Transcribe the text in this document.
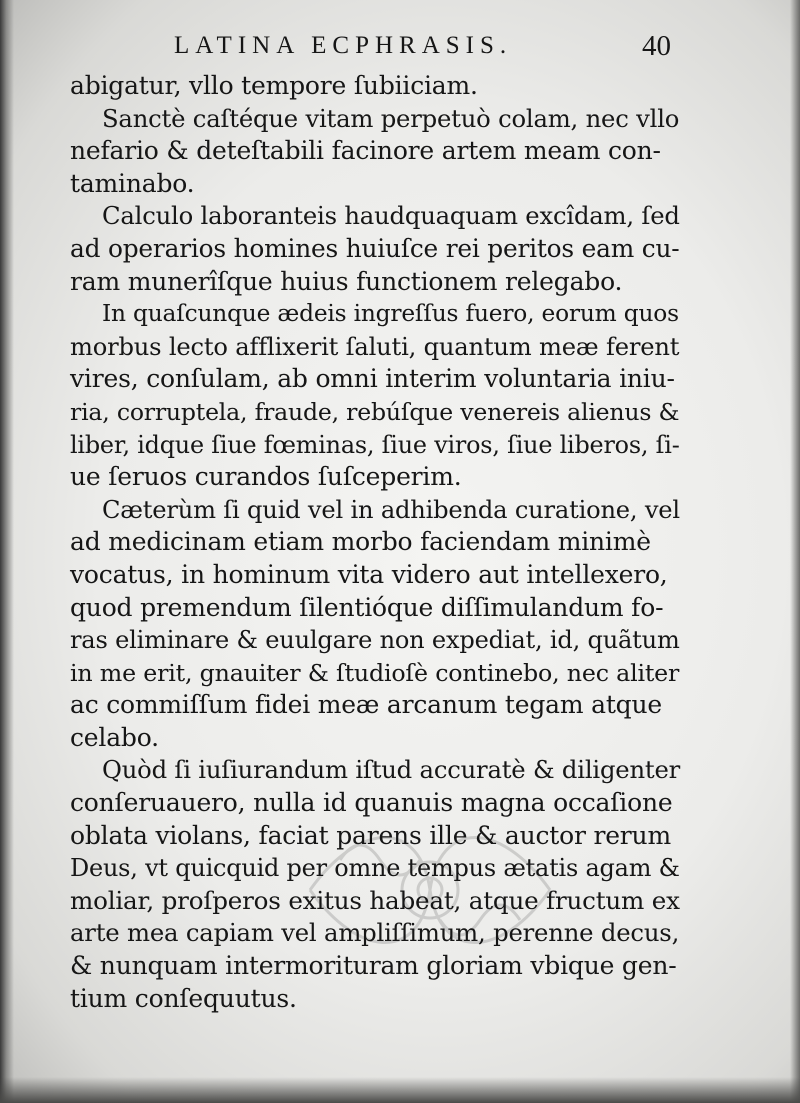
LATINA ECPHRASIS.	40
abigatur, vllo tempore ſubiiciam.
Sanctè caſtéque vitam perpetuò colam, nec vllo
nefario & deteſtabili facinore artem meam con-
taminabo.
Calculo laboranteis haudquaquam excîdam, ſed
ad operarios homines huiuſce rei peritos eam cu-
ram munerîſque huius functionem relegabo.
In quaſcunque ædeis ingreſſus fuero, eorum quos
morbus lecto afflixerit ſaluti, quantum meæ ferent
vires, conſulam, ab omni interim voluntaria iniu-
ria, corruptela, fraude, rebúſque venereis alienus &
liber, idque ſiue fœminas, ſiue viros, ſiue liberos, ſi-
ue ſeruos curandos ſuſceperim.
Cæterùm ſi quid vel in adhibenda curatione, vel
ad medicinam etiam morbo faciendam minimè
vocatus, in hominum vita videro aut intellexero,
quod premendum ſilentióque diſſimulandum fo-
ras eliminare & euulgare non expediat, id, quãtum
in me erit, gnauiter & ſtudioſè continebo, nec aliter
ac commiſſum fidei meæ arcanum tegam atque
celabo.
Quòd ſi iuſiurandum iſtud accuratè & diligenter
conſeruauero, nulla id quanuis magna occaſione
oblata violans, faciat parens ille & auctor rerum
Deus, vt quicquid per omne tempus ætatis agam &
moliar, proſperos exitus habeat, atque fructum ex
arte mea capiam vel ampliſſimum, perenne decus,
& nunquam intermorituram gloriam vbique gen-
tium conſequutus.
